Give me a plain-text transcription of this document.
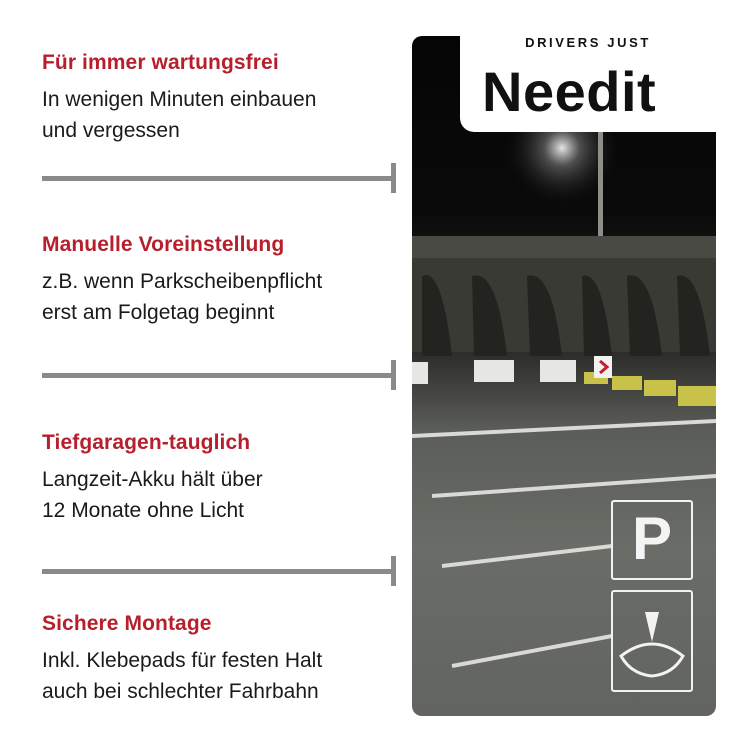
Für immer wartungsfrei

In wenigen Minuten einbauen
und vergessen

Manuelle Voreinstellung

z.B. wenn Parkscheibenpflicht
erst am Folgetag beginnt

Tiefgaragen-tauglich

Langzeit-Akku hält über
12 Monate ohne Licht

Sichere Montage

Inkl. Klebepads für festen Halt
auch bei schlechter Fahrbahn

DRIVERS JUST
Needit
P
